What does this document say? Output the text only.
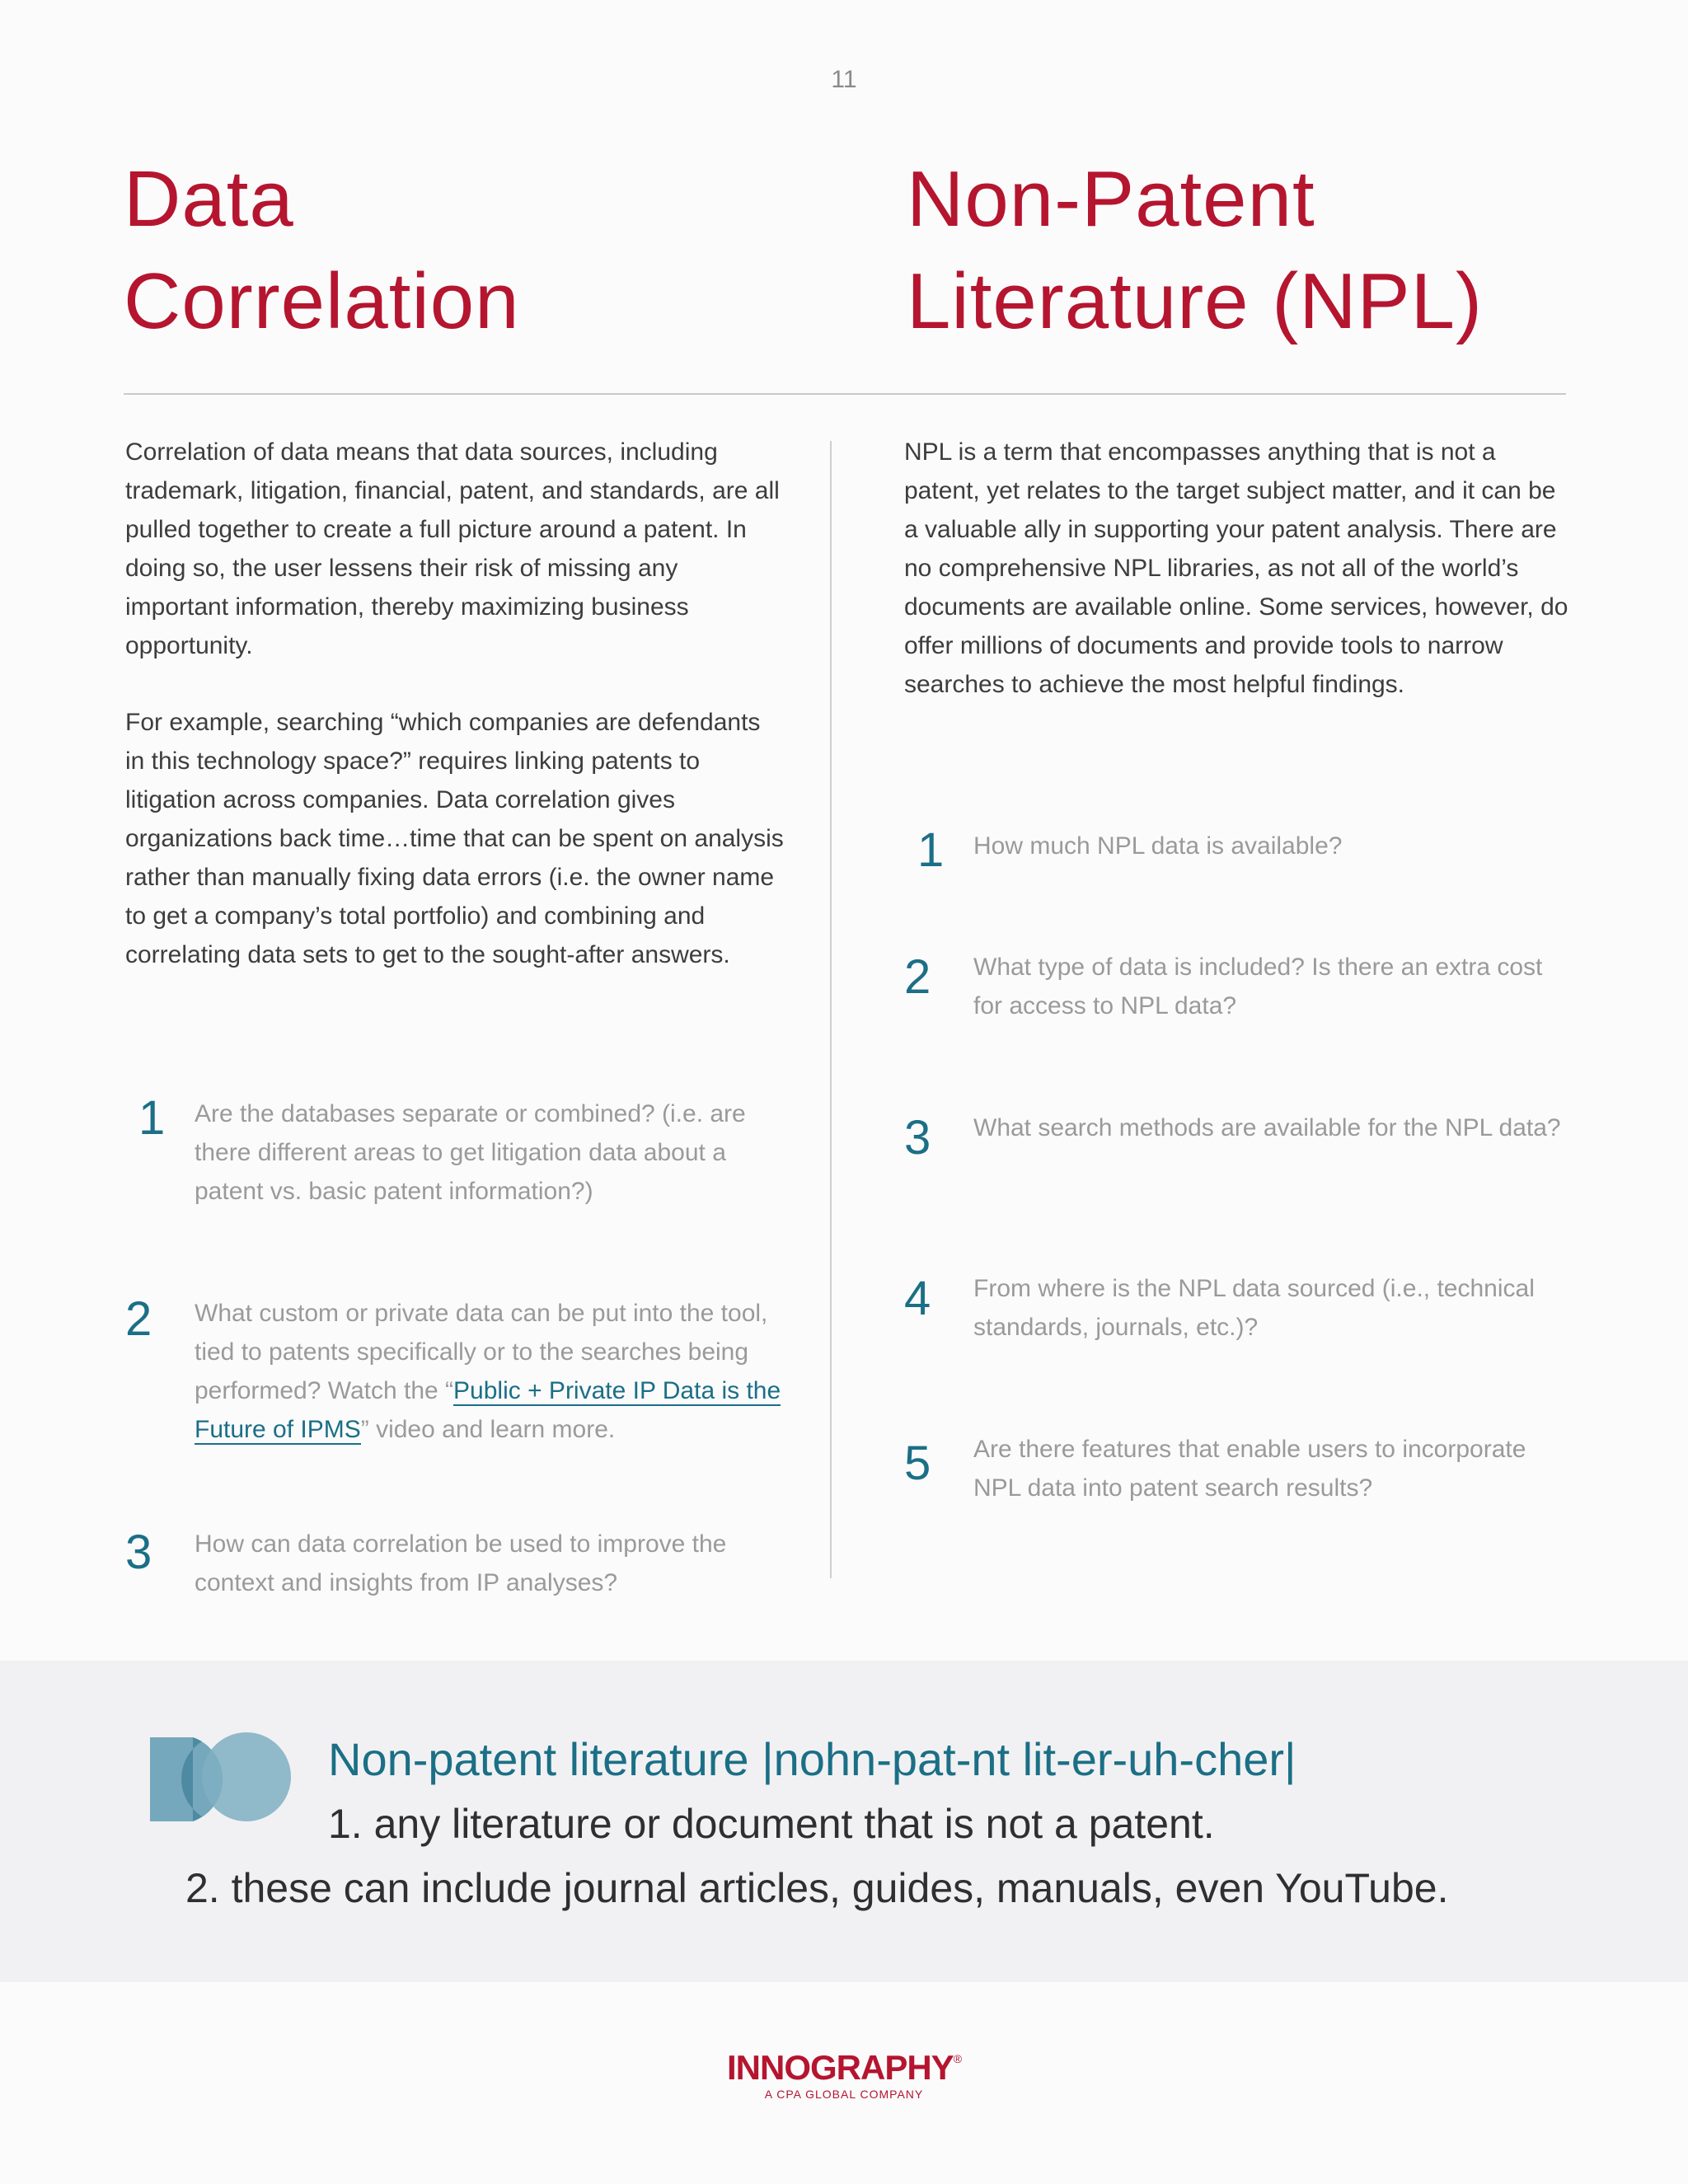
11
Data
Correlation
Non-Patent
Literature (NPL)

Correlation of data means that data sources, including trademark, litigation, financial, patent, and standards, are all pulled together to create a full picture around a patent. In doing so, the user lessens their risk of missing any important information, thereby maximizing business opportunity.

For example, searching “which companies are defendants in this technology space?” requires linking patents to litigation across companies. Data correlation gives organizations back time…time that can be spent on analysis rather than manually fixing data errors (i.e. the owner name to get a company’s total portfolio) and combining and correlating data sets to get to the sought-after answers.

1 Are the databases separate or combined? (i.e. are there different areas to get litigation data about a patent vs. basic patent information?)

2 What custom or private data can be put into the tool, tied to patents specifically or to the searches being performed? Watch the “Public + Private IP Data is the Future of IPMS” video and learn more.

3 How can data correlation be used to improve the context and insights from IP analyses?

NPL is a term that encompasses anything that is not a patent, yet relates to the target subject matter, and it can be a valuable ally in supporting your patent analysis. There are no comprehensive NPL libraries, as not all of the world’s documents are available online. Some services, however, do offer millions of documents and provide tools to narrow searches to achieve the most helpful findings.

1 How much NPL data is available?

2 What type of data is included? Is there an extra cost for access to NPL data?

3 What search methods are available for the NPL data?

4 From where is the NPL data sourced (i.e., technical standards, journals, etc.)?

5 Are there features that enable users to incorporate NPL data into patent search results?

Non-patent literature |nohn-pat-nt lit-er-uh-cher|
1. any literature or document that is not a patent.
2. these can include journal articles, guides, manuals, even YouTube.
INNOGRAPHY®
A CPA GLOBAL COMPANY
